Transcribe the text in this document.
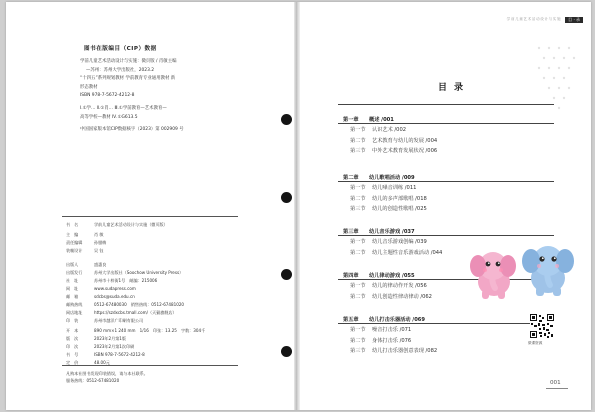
图书在版编目（CIP）数据
学前儿童艺术活动设计与实施：微页版 / 肖敏主编
—苏州：苏州大学出版社，2023.2
“十四五”系列规划教材 学前教育专业通用教材 新
形态教材
ISBN 978-7-5672-4212-8
Ⅰ.①学… Ⅱ.①肖… Ⅲ.①学前教育—艺术教育—
高等学校—教材 Ⅳ.①G613.5
中国国家版本馆CIP数据核字（2023）第 002909 号
书　名	学前儿童艺术活动设计与实施（微页版）
主　编	肖 敏
责任编辑	孙腊梅
装帧设计	吴 钰
出版人	盛惠良
出版发行	苏州大学出版社（Soochow University Press）
社　址	苏州市十梓街1号　邮编：215006
网　址	www.sudapress.com
邮　箱	sdcbs@suda.edu.cn
邮购热线	0512-67480030　销售热线：0512-67481020
网店地址	https://szdxcbs.tmall.com/（天猫旗舰店）
印　装	苏州市越洋广印刷有限公司
开　本	890 mm×1 240 mm　1/16　印张：13.25　字数：304千
版　次	2023年2月第1版
印　次	2023年2月第1次印刷
书　号	ISBN 978-7-5672-4212-8
定　价	48.00元
凡购本社图书发现印装错误，请与本社联系。
服务热线：0512-67481020
学前儿童艺术活动设计与实施	目 · 录
目录
第一章 概述 /001
第一节 认识艺术 /002
第二节 艺术教育与幼儿的发展 /004
第三节 中外艺术教育发展状况 /006
第二章 幼儿歌唱活动 /009
第一节 幼儿嗓音训练 /011
第二节 幼儿的多声部歌唱 /018
第三节 幼儿的创造性歌唱 /025
第三章 幼儿音乐游戏 /037
第一节 幼儿音乐游戏创编 /039
第二节 幼儿主题性音乐游戏活动 /044
第四章 幼儿律动游戏 /055
第一节 幼儿的律动作开发 /056
第二节 幼儿创造性律动律动 /062
第五章 幼儿打击乐器活动 /069
第一节 噪音打击乐 /071
第二节 身体打击乐 /076
第三节 幼儿打击乐器创意表现 /082
微课资源
001
